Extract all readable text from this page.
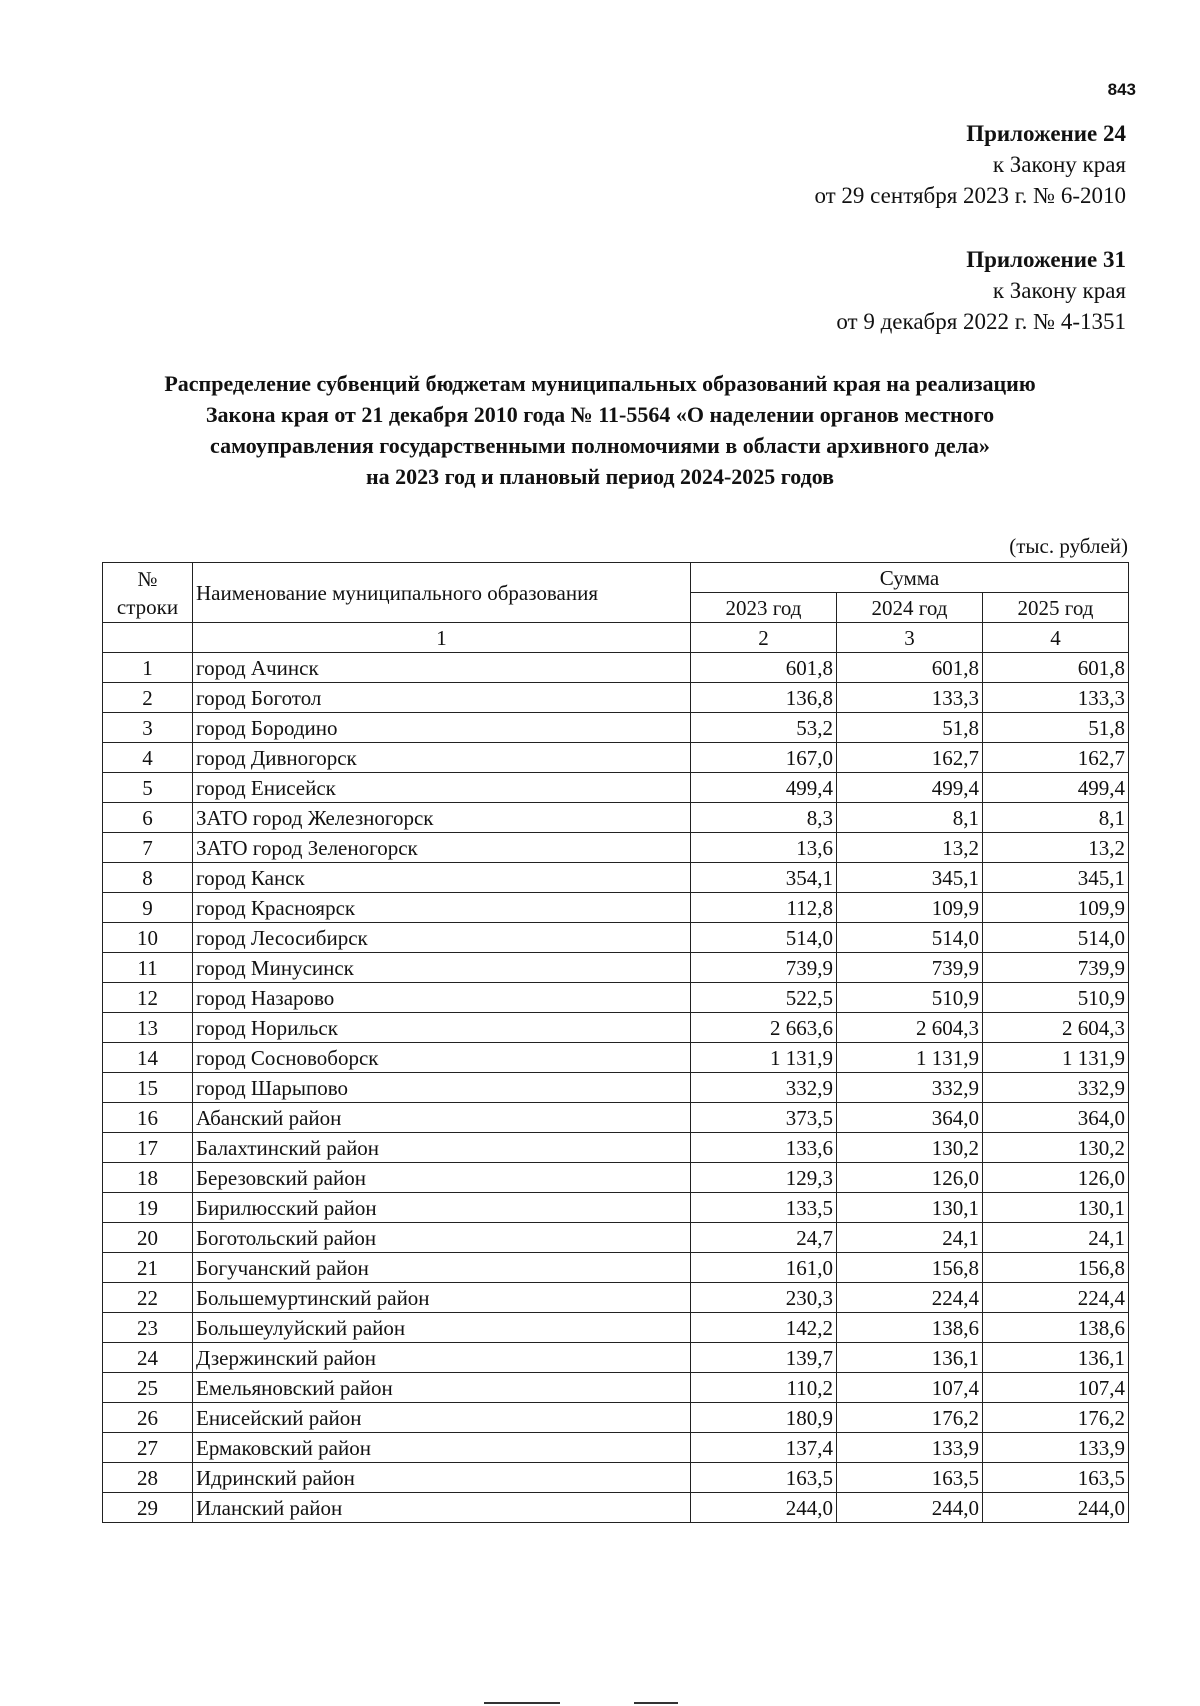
843
Приложение 24
к Закону края
от 29 сентября 2023 г. № 6-2010
Приложение 31
к Закону края
от 9 декабря 2022 г. № 4-1351
Распределение субвенций бюджетам муниципальных образований края на реализацию
Закона края от 21 декабря 2010 года № 11-5564 «О наделении органов местного
самоуправления государственными полномочиями в области архивного дела»
на 2023 год и плановый период 2024-2025 годов
(тыс. рублей)
№
строки	Наименование муниципального образования	Сумма		
		2023 год	2024 год	2025 год
	1	2	3	4
1	город Ачинск	601,8	601,8	601,8
2	город Боготол	136,8	133,3	133,3
3	город Бородино	53,2	51,8	51,8
4	город Дивногорск	167,0	162,7	162,7
5	город Енисейск	499,4	499,4	499,4
6	ЗАТО город Железногорск	8,3	8,1	8,1
7	ЗАТО город Зеленогорск	13,6	13,2	13,2
8	город Канск	354,1	345,1	345,1
9	город Красноярск	112,8	109,9	109,9
10	город Лесосибирск	514,0	514,0	514,0
11	город Минусинск	739,9	739,9	739,9
12	город Назарово	522,5	510,9	510,9
13	город Норильск	2 663,6	2 604,3	2 604,3
14	город Сосновоборск	1 131,9	1 131,9	1 131,9
15	город Шарыпово	332,9	332,9	332,9
16	Абанский район	373,5	364,0	364,0
17	Балахтинский район	133,6	130,2	130,2
18	Березовский район	129,3	126,0	126,0
19	Бирилюсский район	133,5	130,1	130,1
20	Боготольский район	24,7	24,1	24,1
21	Богучанский район	161,0	156,8	156,8
22	Большемуртинский район	230,3	224,4	224,4
23	Большеулуйский район	142,2	138,6	138,6
24	Дзержинский район	139,7	136,1	136,1
25	Емельяновский район	110,2	107,4	107,4
26	Енисейский район	180,9	176,2	176,2
27	Ермаковский район	137,4	133,9	133,9
28	Идринский район	163,5	163,5	163,5
29	Иланский район	244,0	244,0	244,0
